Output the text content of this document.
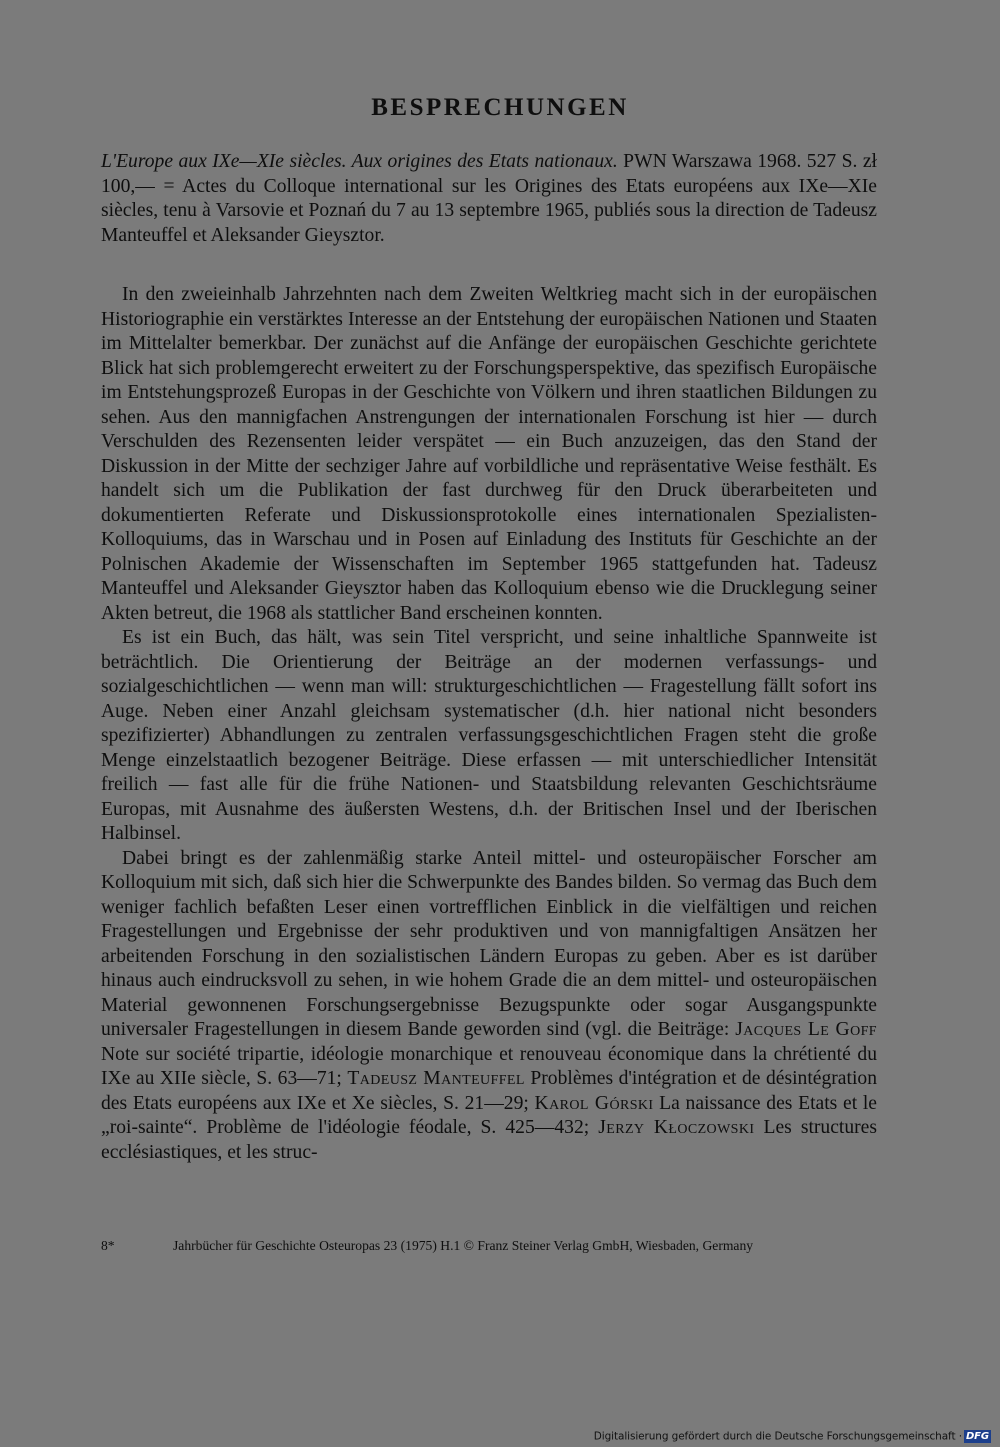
BESPRECHUNGEN

L'Europe aux IXe—XIe siècles. Aux origines des Etats nationaux. PWN Warszawa 1968. 527 S. zł 100,— = Actes du Colloque international sur les Origines des Etats européens aux IXe—XIe siècles, tenu à Varsovie et Poznań du 7 au 13 septembre 1965, publiés sous la direction de Tadeusz Manteuffel et Aleksander Gieysztor.

In den zweieinhalb Jahrzehnten nach dem Zweiten Weltkrieg macht sich in der europäischen Historiographie ein verstärktes Interesse an der Entstehung der europäischen Nationen und Staaten im Mittelalter bemerkbar. Der zunächst auf die Anfänge der europäischen Geschichte gerichtete Blick hat sich problemgerecht erweitert zu der Forschungsperspektive, das spezifisch Europäische im Entstehungsprozeß Europas in der Geschichte von Völkern und ihren staatlichen Bildungen zu sehen. Aus den mannigfachen Anstrengungen der internationalen Forschung ist hier — durch Verschulden des Rezensenten leider verspätet — ein Buch anzuzeigen, das den Stand der Diskussion in der Mitte der sechziger Jahre auf vorbildliche und repräsentative Weise festhält. Es handelt sich um die Publikation der fast durchweg für den Druck überarbeiteten und dokumentierten Referate und Diskussionsprotokolle eines internationalen Spezialisten-Kolloquiums, das in Warschau und in Posen auf Einladung des Instituts für Geschichte an der Polnischen Akademie der Wissenschaften im September 1965 stattgefunden hat. Tadeusz Manteuffel und Aleksander Gieysztor haben das Kolloquium ebenso wie die Drucklegung seiner Akten betreut, die 1968 als stattlicher Band erscheinen konnten.

Es ist ein Buch, das hält, was sein Titel verspricht, und seine inhaltliche Spannweite ist beträchtlich. Die Orientierung der Beiträge an der modernen verfassungs- und sozialgeschichtlichen — wenn man will: strukturgeschichtlichen — Fragestellung fällt sofort ins Auge. Neben einer Anzahl gleichsam systematischer (d.h. hier national nicht besonders spezifizierter) Abhandlungen zu zentralen verfassungsgeschichtlichen Fragen steht die große Menge einzelstaatlich bezogener Beiträge. Diese erfassen — mit unterschiedlicher Intensität freilich — fast alle für die frühe Nationen- und Staatsbildung relevanten Geschichtsräume Europas, mit Ausnahme des äußersten Westens, d.h. der Britischen Insel und der Iberischen Halbinsel.

Dabei bringt es der zahlenmäßig starke Anteil mittel- und osteuropäischer Forscher am Kolloquium mit sich, daß sich hier die Schwerpunkte des Bandes bilden. So vermag das Buch dem weniger fachlich befaßten Leser einen vortrefflichen Einblick in die vielfältigen und reichen Fragestellungen und Ergebnisse der sehr produktiven und von mannigfaltigen Ansätzen her arbeitenden Forschung in den sozialistischen Ländern Europas zu geben. Aber es ist darüber hinaus auch eindrucksvoll zu sehen, in wie hohem Grade die an dem mittel- und osteuropäischen Material gewonnenen Forschungsergebnisse Bezugspunkte oder sogar Ausgangspunkte universaler Fragestellungen in diesem Bande geworden sind (vgl. die Beiträge: Jacques Le Goff Note sur société tripartie, idéologie monarchique et renouveau économique dans la chrétienté du IXe au XIIe siècle, S. 63—71; Tadeusz Manteuffel Problèmes d'intégration et de désintégration des Etats européens aux IXe et Xe siècles, S. 21—29; Karol Górski La naissance des Etats et le „roi-sainte“. Problème de l'idéologie féodale, S. 425—432; Jerzy Kłoczowski Les structures ecclésiastiques, et les struc-

8*	Jahrbücher für Geschichte Osteuropas 23 (1975) H.1 © Franz Steiner Verlag GmbH, Wiesbaden, Germany

Digitalisierung gefördert durch die Deutsche Forschungsgemeinschaft · DFG
